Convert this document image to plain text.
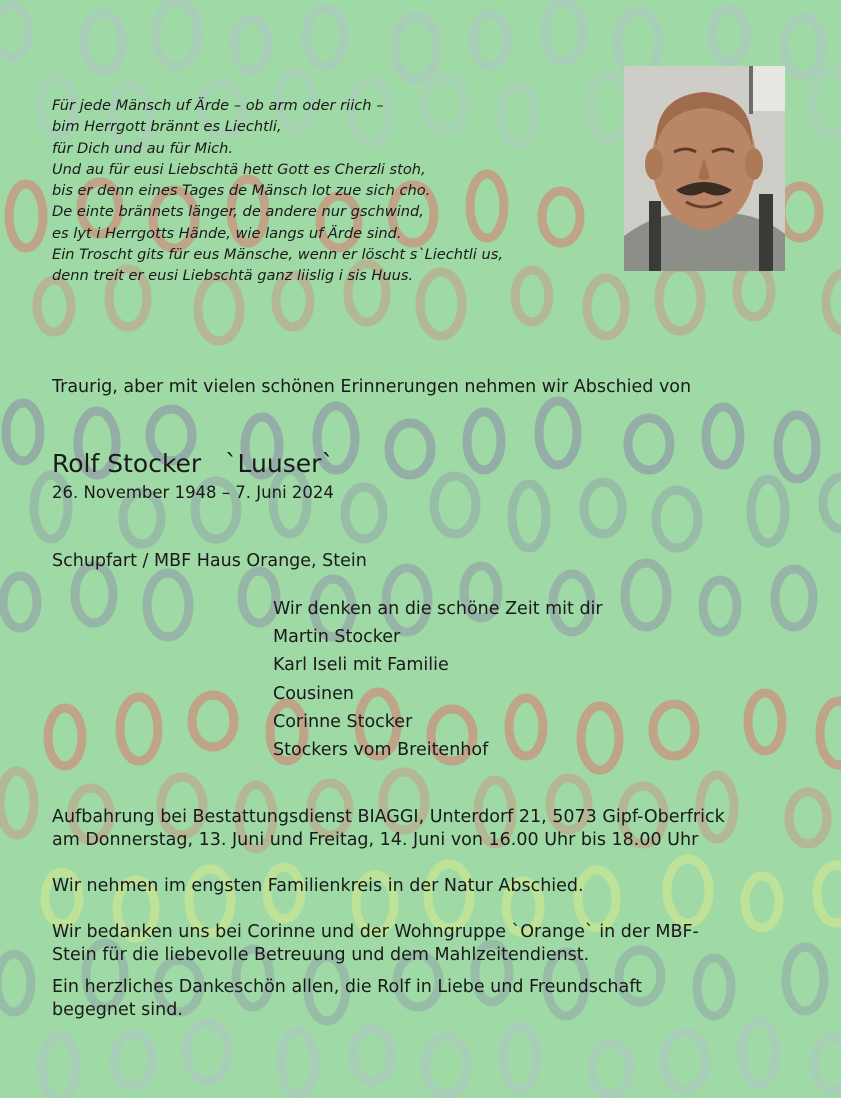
Für jede Mänsch uf Ärde – ob arm oder riich –
bim Herrgott brännt es Liechtli,
für Dich und au für Mich.
Und au für eusi Liebschtä hett Gott es Cherzli stoh,
bis er denn eines Tages de Mänsch lot zue sich cho.
De einte brännets länger, de andere nur gschwind,
es lyt i Herrgotts Hände, wie langs uf Ärde sind.
Ein Troscht gits für eus Mänsche, wenn er löscht s`Liechtli us,
denn treit er eusi Liebschtä ganz liislig i sis Huus.
Traurig, aber mit vielen schönen Erinnerungen nehmen wir Abschied von
Rolf Stocker   `Luuser`
26. November 1948 – 7. Juni 2024
Schupfart / MBF Haus Orange, Stein
Wir denken an die schöne Zeit mit dir
Martin Stocker
Karl Iseli mit Familie
Cousinen
Corinne Stocker
Stockers vom Breitenhof
Aufbahrung bei Bestattungsdienst BIAGGI, Unterdorf 21, 5073 Gipf-Oberfrick
am Donnerstag, 13. Juni und Freitag, 14. Juni von 16.00 Uhr bis 18.00 Uhr
Wir nehmen im engsten Familienkreis in der Natur Abschied.
Wir bedanken uns bei Corinne und der Wohngruppe `Orange` in der MBF-
Stein für die liebevolle Betreuung und dem Mahlzeitendienst.
Ein herzliches Dankeschön allen, die Rolf in Liebe und Freundschaft
begegnet sind.
